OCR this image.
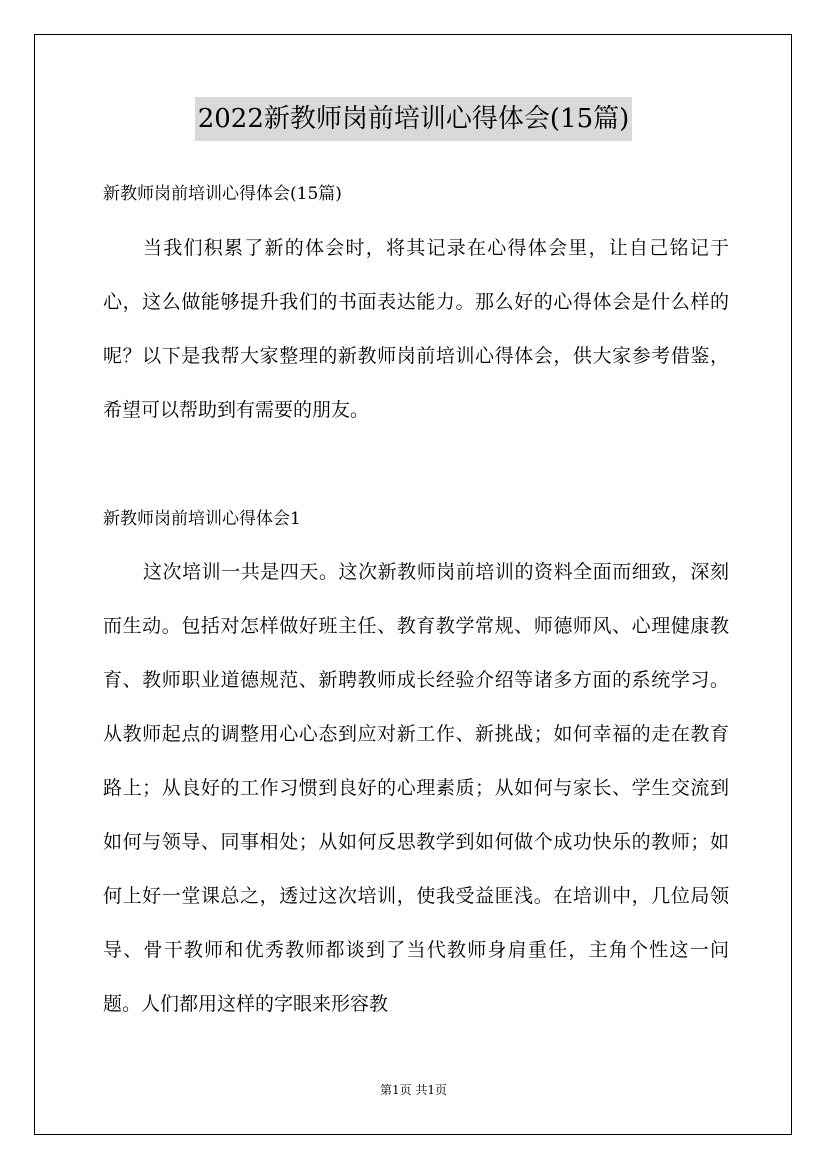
2022新教师岗前培训心得体会(15篇)
新教师岗前培训心得体会(15篇)

当我们积累了新的体会时，将其记录在心得体会里，让自己铭记于心，这么做能够提升我们的书面表达能力。那么好的心得体会是什么样的呢？以下是我帮大家整理的新教师岗前培训心得体会，供大家参考借鉴，希望可以帮助到有需要的朋友。

新教师岗前培训心得体会1

这次培训一共是四天。这次新教师岗前培训的资料全面而细致，深刻而生动。包括对怎样做好班主任、教育教学常规、师德师风、心理健康教育、教师职业道德规范、新聘教师成长经验介绍等诸多方面的系统学习。从教师起点的调整用心心态到应对新工作、新挑战；如何幸福的走在教育路上；从良好的工作习惯到良好的心理素质；从如何与家长、学生交流到如何与领导、同事相处；从如何反思教学到如何做个成功快乐的教师；如何上好一堂课总之，透过这次培训，使我受益匪浅。在培训中，几位局领导、骨干教师和优秀教师都谈到了当代教师身肩重任，主角个性这一问题。人们都用这样的字眼来形容教

第1页 共1页
